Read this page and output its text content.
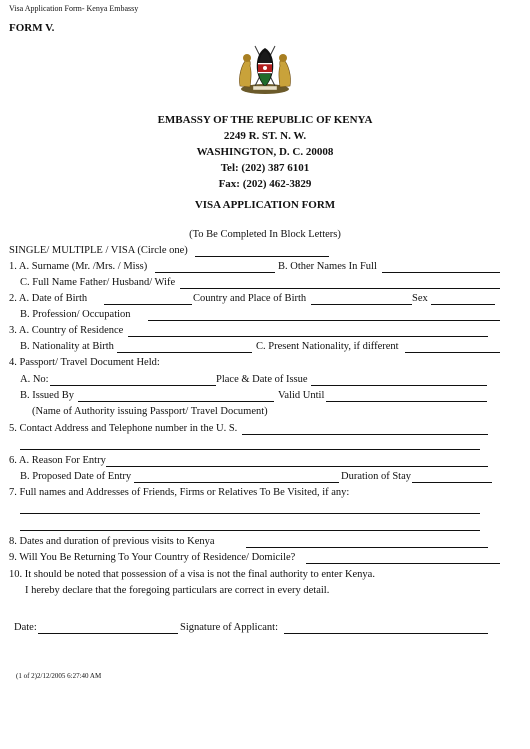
Visa Application Form- Kenya Embassy
FORM V.
EMBASSY OF THE REPUBLIC OF KENYA
2249 R. ST. N. W.
WASHINGTON, D. C. 20008
Tel: (202) 387 6101
Fax: (202) 462-3829
VISA APPLICATION FORM
(To Be Completed In Block Letters)
SINGLE/ MULTIPLE / VISA (Circle one)
1. A. Surname (Mr. /Mrs. / Miss)	B. Other Names In Full
C. Full Name Father/ Husband/ Wife
2. A. Date of Birth	Country and Place of Birth	Sex
B. Profession/ Occupation
3. A. Country of Residence
B. Nationality at Birth	C. Present Nationality, if different
4. Passport/ Travel Document Held:
A. No:	Place & Date of Issue
B. Issued By	Valid Until
(Name of Authority issuing Passport/ Travel Document)
5. Contact Address and Telephone number in the U. S.
6. A. Reason For Entry
B. Proposed Date of Entry	Duration of Stay
7. Full names and Addresses of Friends, Firms or Relatives To Be Visited, if any:
8. Dates and duration of previous visits to Kenya
9. Will You Be Returning To Your Country of Residence/ Domicile?
10. It should be noted that possession of a visa is not the final authority to enter Kenya.
I hereby declare that the foregoing particulars are correct in every detail.
Date:	Signature of Applicant:
(1 of 2)2/12/2005 6:27:40 AM
